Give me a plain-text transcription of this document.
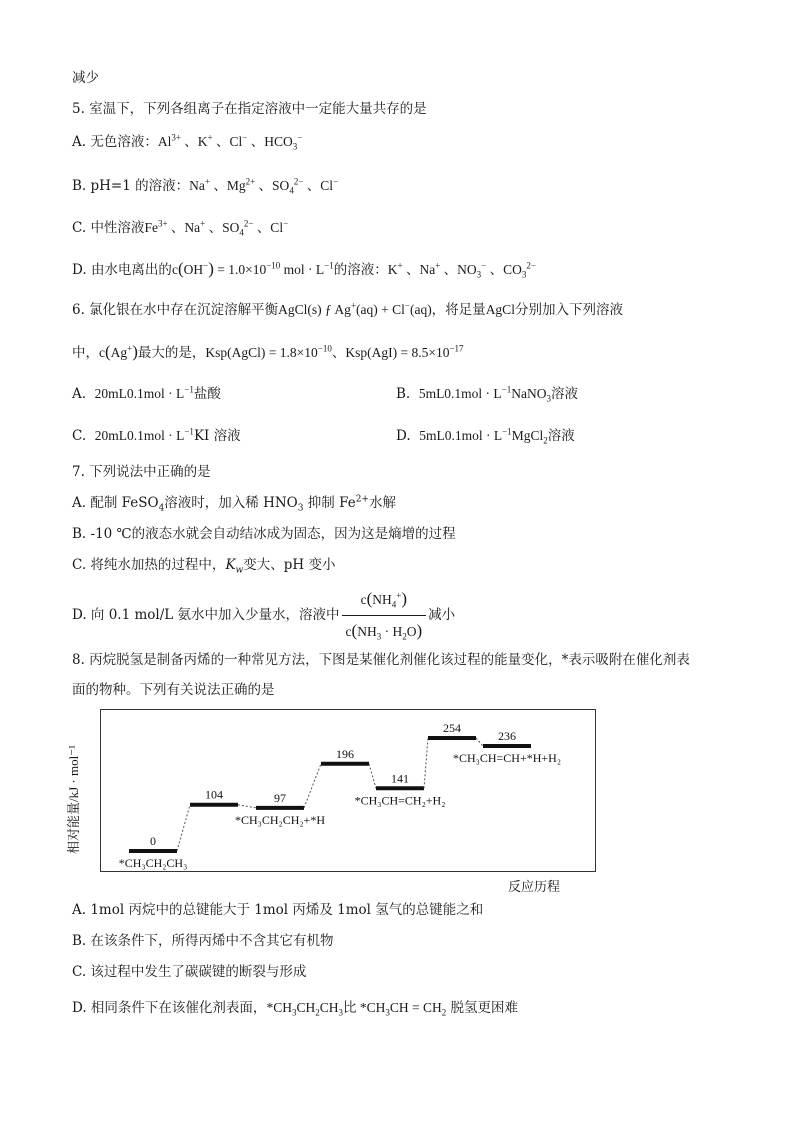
减少
5. 室温下，下列各组离子在指定溶液中一定能大量共存的是
A. 无色溶液：$Al^{3+}$ 、K+ 、Cl− 、$HCO_3^-$
B. pH=1 的溶液：Na+ 、$Mg^{2+}$ 、$SO_4^{2-}$ 、Cl−
C. 中性溶液$Fe^{3+}$ 、Na+ 、$SO_4^{2-}$ 、Cl−
D. 由水电离出的$c(OH^-) = 1.0\times 10^{-10}$ mol · $L^{-1}$的溶液：K+ 、Na+ 、$NO_3^-$ 、$CO_3^{2-}$
6. 氯化银在水中存在沉淀溶解平衡AgCl(s) ƒ Ag+(aq) + Cl−(aq)，将足量AgCl分别加入下列溶液
中，c(Ag+)最大的是，Ksp(AgCl) = $1.8\times 10^{-10}$、$Ksp(AgI) = 8.5\times 10^{-17}$
A. $20mL0.1mol \cdot L^{-1}$盐酸	B. $5mL0.1mol \cdot L^{-1}NaNO_3$溶液
C. $20mL0.1mol \cdot L^{-1}KI$ 溶液	D. $5mL0.1mol \cdot L^{-1}MgCl_2$溶液
7. 下列说法中正确的是
A. 配制 FeSO$_4$溶液时，加入稀 $HNO_3$ 抑制 $Fe^{2+}$水解
B. -10 ℃的液态水就会自动结冰成为固态，因为这是熵增的过程
C. 将纯水加热的过程中，$K_w$变大、pH 变小
D. 向 0.1 mol/L 氨水中加入少量水，溶液中 $\frac{c(NH_4^+)}{c(NH_3 \cdot H_2O)}$ 减小
8. 丙烷脱氢是制备丙烯的一种常见方法，下图是某催化剂催化该过程的能量变化，*表示吸附在催化剂表
面的物种。下列有关说法正确的是
相对能量/kJ · mol⁻¹	0
104	97
196
141
254
236
*CH₃CH₂CH₃
*CH₃CH₂CH₂+*H
*CH₃CH=CH₂+H₂
*CH₃CH=CH+*H+H₂
反应历程
A. 1mol 丙烷中的总键能大于 1mol 丙烯及 1mol 氢气的总键能之和
B. 在该条件下，所得丙烯中不含其它有机物
C. 该过程中发生了碳碳键的断裂与形成
D. 相同条件下在该催化剂表面，$*CH_3CH_2CH_3$比 $*CH_3CH = CH_2$ 脱氢更困难
